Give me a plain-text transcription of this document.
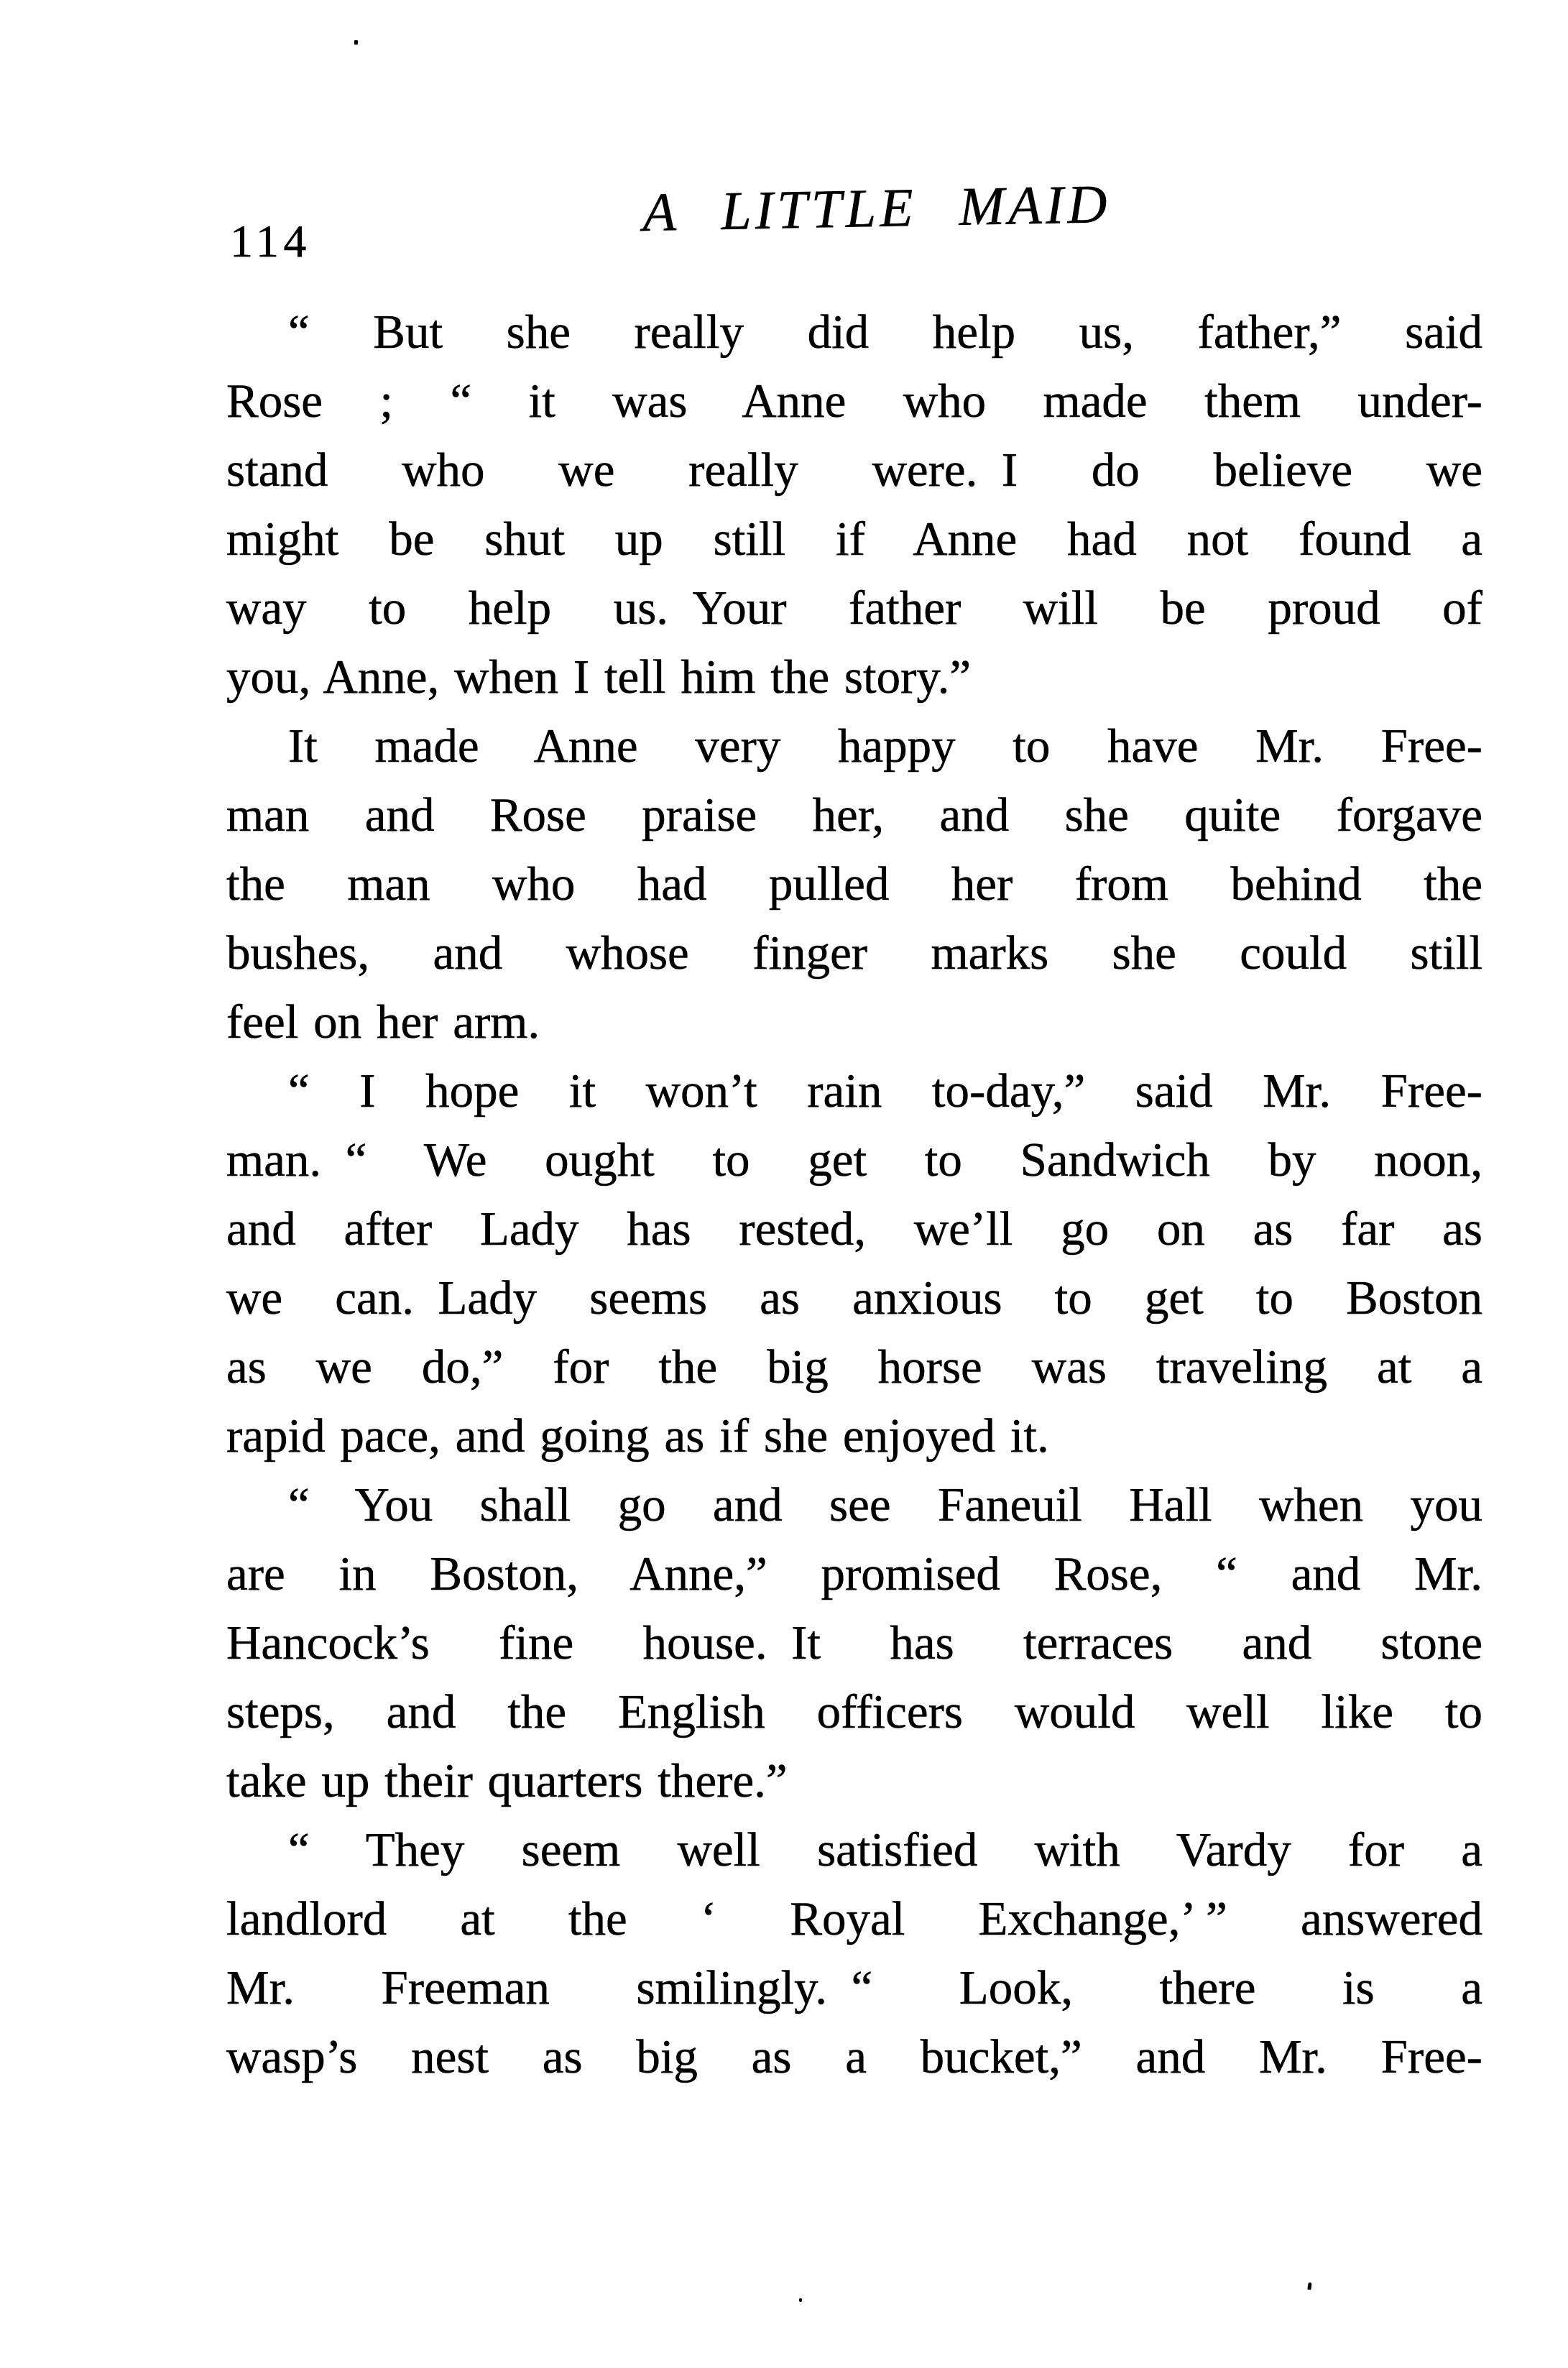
114	A LITTLE MAID
“ But she really did help us, father,” said
Rose ; “ it was Anne who made them under-
stand who we really were. I do believe we
might be shut up still if Anne had not found a
way to help us. Your father will be proud of
you, Anne, when I tell him the story.”
It made Anne very happy to have Mr. Free-
man and Rose praise her, and she quite forgave
the man who had pulled her from behind the
bushes, and whose finger marks she could still
feel on her arm.
“ I hope it won’t rain to-day,” said Mr. Free-
man. “ We ought to get to Sandwich by noon,
and after Lady has rested, we’ll go on as far as
we can. Lady seems as anxious to get to Boston
as we do,” for the big horse was traveling at a
rapid pace, and going as if she enjoyed it.
“ You shall go and see Faneuil Hall when you
are in Boston, Anne,” promised Rose, “ and Mr.
Hancock’s fine house. It has terraces and stone
steps, and the English officers would well like to
take up their quarters there.”
“ They seem well satisfied with Vardy for a
landlord at the ‘ Royal Exchange,’ ” answered
Mr. Freeman smilingly. “ Look, there is a
wasp’s nest as big as a bucket,” and Mr. Free-
